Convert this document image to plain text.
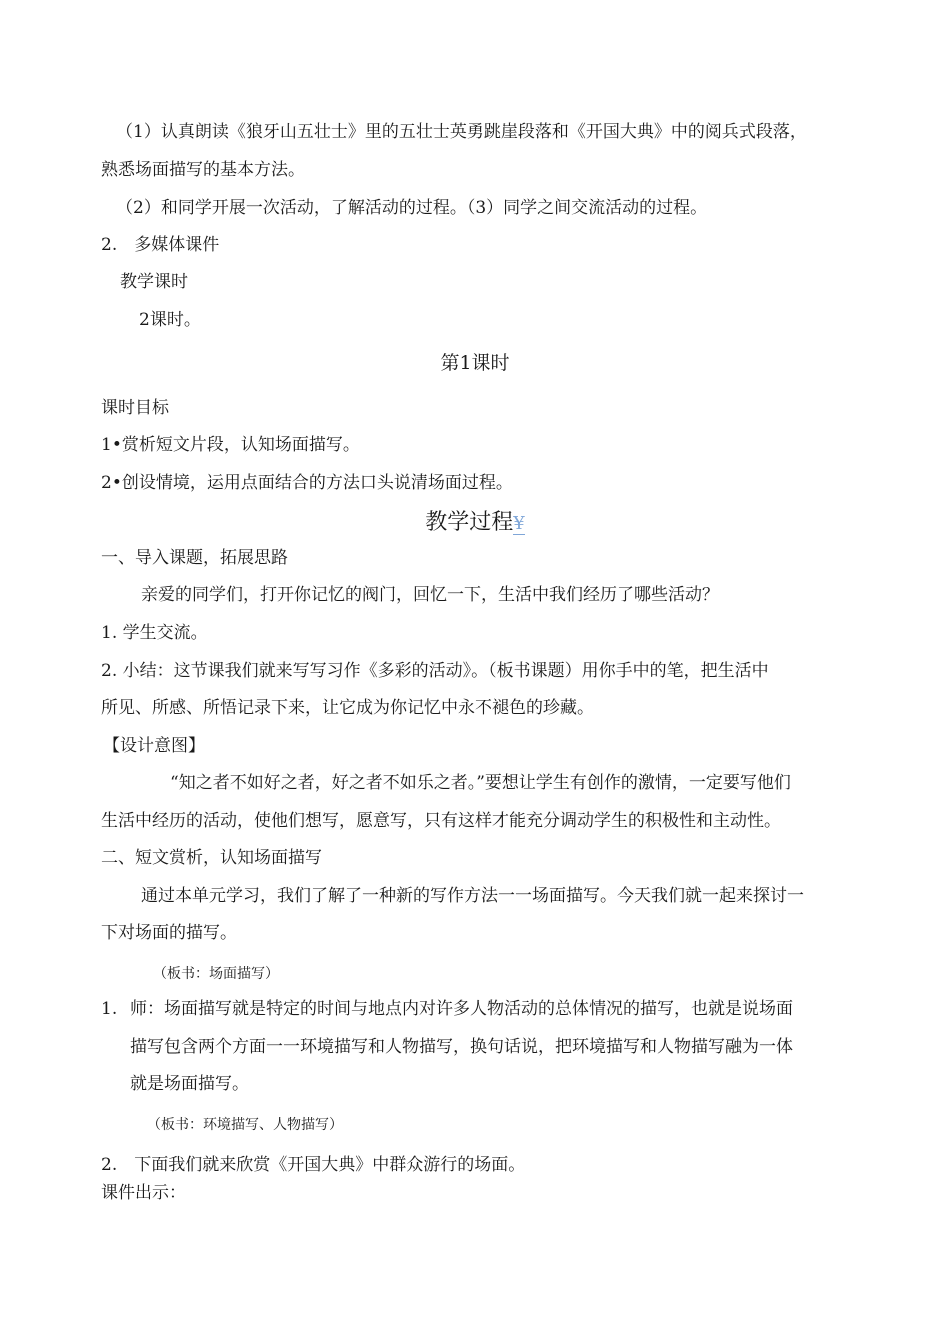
（1）认真朗读《狼牙山五壮士》里的五壮士英勇跳崖段落和《开国大典》中的阅兵式段落，
熟悉场面描写的基本方法。
（2）和同学开展一次活动，了解活动的过程。（3）同学之间交流活动的过程。
2.　多媒体课件
教学课时
2课时。
第1课时
课时目标
1•赏析短文片段，认知场面描写。
2•创设情境，运用点面结合的方法口头说清场面过程。
教学过程¥
一、导入课题，拓展思路
亲爱的同学们，打开你记忆的阀门，回忆一下，生活中我们经历了哪些活动？
1. 学生交流。
2. 小结：这节课我们就来写写习作《多彩的活动》。（板书课题）用你手中的笔，把生活中
所见、所感、所悟记录下来，让它成为你记忆中永不褪色的珍藏。
【设计意图】
“知之者不如好之者，好之者不如乐之者。”要想让学生有创作的激情，一定要写他们
生活中经历的活动，使他们想写，愿意写，只有这样才能充分调动学生的积极性和主动性。
二、短文赏析，认知场面描写
通过本单元学习，我们了解了一种新的写作方法一一场面描写。今天我们就一起来探讨一
下对场面的描写。
（板书：场面描写）
1. 师：场面描写就是特定的时间与地点内对许多人物活动的总体情况的描写，也就是说场面
描写包含两个方面一一环境描写和人物描写，换句话说，把环境描写和人物描写融为一体
就是场面描写。
（板书：环境描写、人物描写）
2.　下面我们就来欣赏《开国大典》中群众游行的场面。
课件出示：
